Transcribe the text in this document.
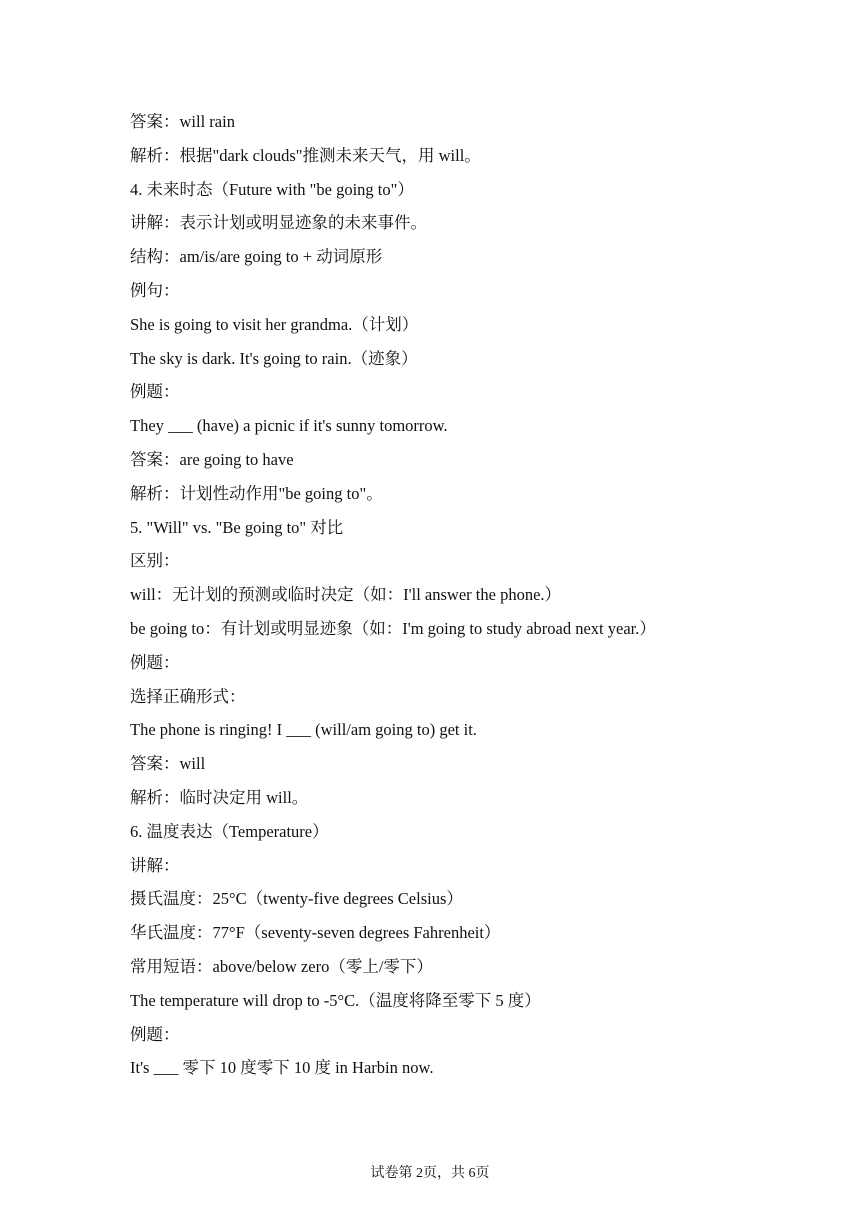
答案：will rain
解析：根据"dark clouds"推测未来天气，用 will。
4. 未来时态（Future with "be going to"）
讲解：表示计划或明显迹象的未来事件。
结构：am/is/are going to + 动词原形
例句：
She is going to visit her grandma.（计划）
The sky is dark. It's going to rain.（迹象）
例题：
They ___ (have) a picnic if it's sunny tomorrow.
答案：are going to have
解析：计划性动作用"be going to"。
5. "Will" vs. "Be going to" 对比
区别：
will：无计划的预测或临时决定（如：I'll answer the phone.）
be going to：有计划或明显迹象（如：I'm going to study abroad next year.）
例题：
选择正确形式：
The phone is ringing! I ___ (will/am going to) get it.
答案：will
解析：临时决定用 will。
6. 温度表达（Temperature）
讲解：
摄氏温度：25°C（twenty-five degrees Celsius）
华氏温度：77°F（seventy-seven degrees Fahrenheit）
常用短语：above/below zero（零上/零下）
The temperature will drop to -5°C.（温度将降至零下 5 度）
例题：
It's ___ 零下 10 度零下 10 度 in Harbin now.
试卷第 2页，共 6页
